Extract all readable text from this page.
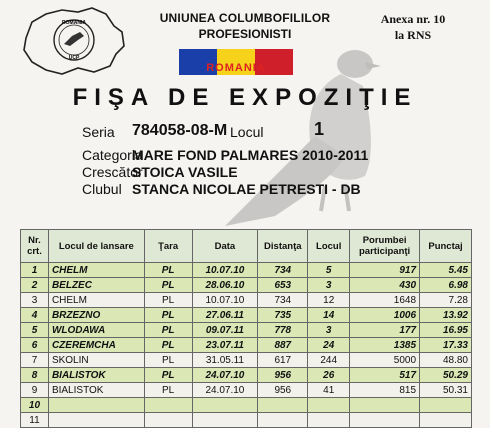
ROMANIA
UCP
UNIUNEA COLUMBOFILILOR
PROFESIONISTI
ROMANIA
Anexa nr. 10
la RNS
FIŞA DE EXPOZIŢIE
Seria 784058-08-M Locul	1
Categoria
MARE FOND PALMARES 2010-2011
Crescător
STOICA VASILE
Clubul STANCA NICOLAE PETRESTI - DB
Nr. crt.	Locul de lansare	Ţara	Data	Distanţa	Locul	Porumbei participanţi	Punctaj
1	CHELM	PL	10.07.10	734	5	917	5.45
2	BELZEC	PL	28.06.10	653	3	430	6.98
3	CHELM	PL	10.07.10	734	12	1648	7.28
4	BRZEZNO	PL	27.06.11	735	14	1006	13.92
5	WLODAWA	PL	09.07.11	778	3	177	16.95
6	CZEREMCHA	PL	23.07.11	887	24	1385	17.33
7	SKOLIN	PL	31.05.11	617	244	5000	48.80
8	BIALISTOK	PL	24.07.10	956	26	517	50.29
9	BIALISTOK	PL	24.07.10	956	41	815	50.31
10							
11							
